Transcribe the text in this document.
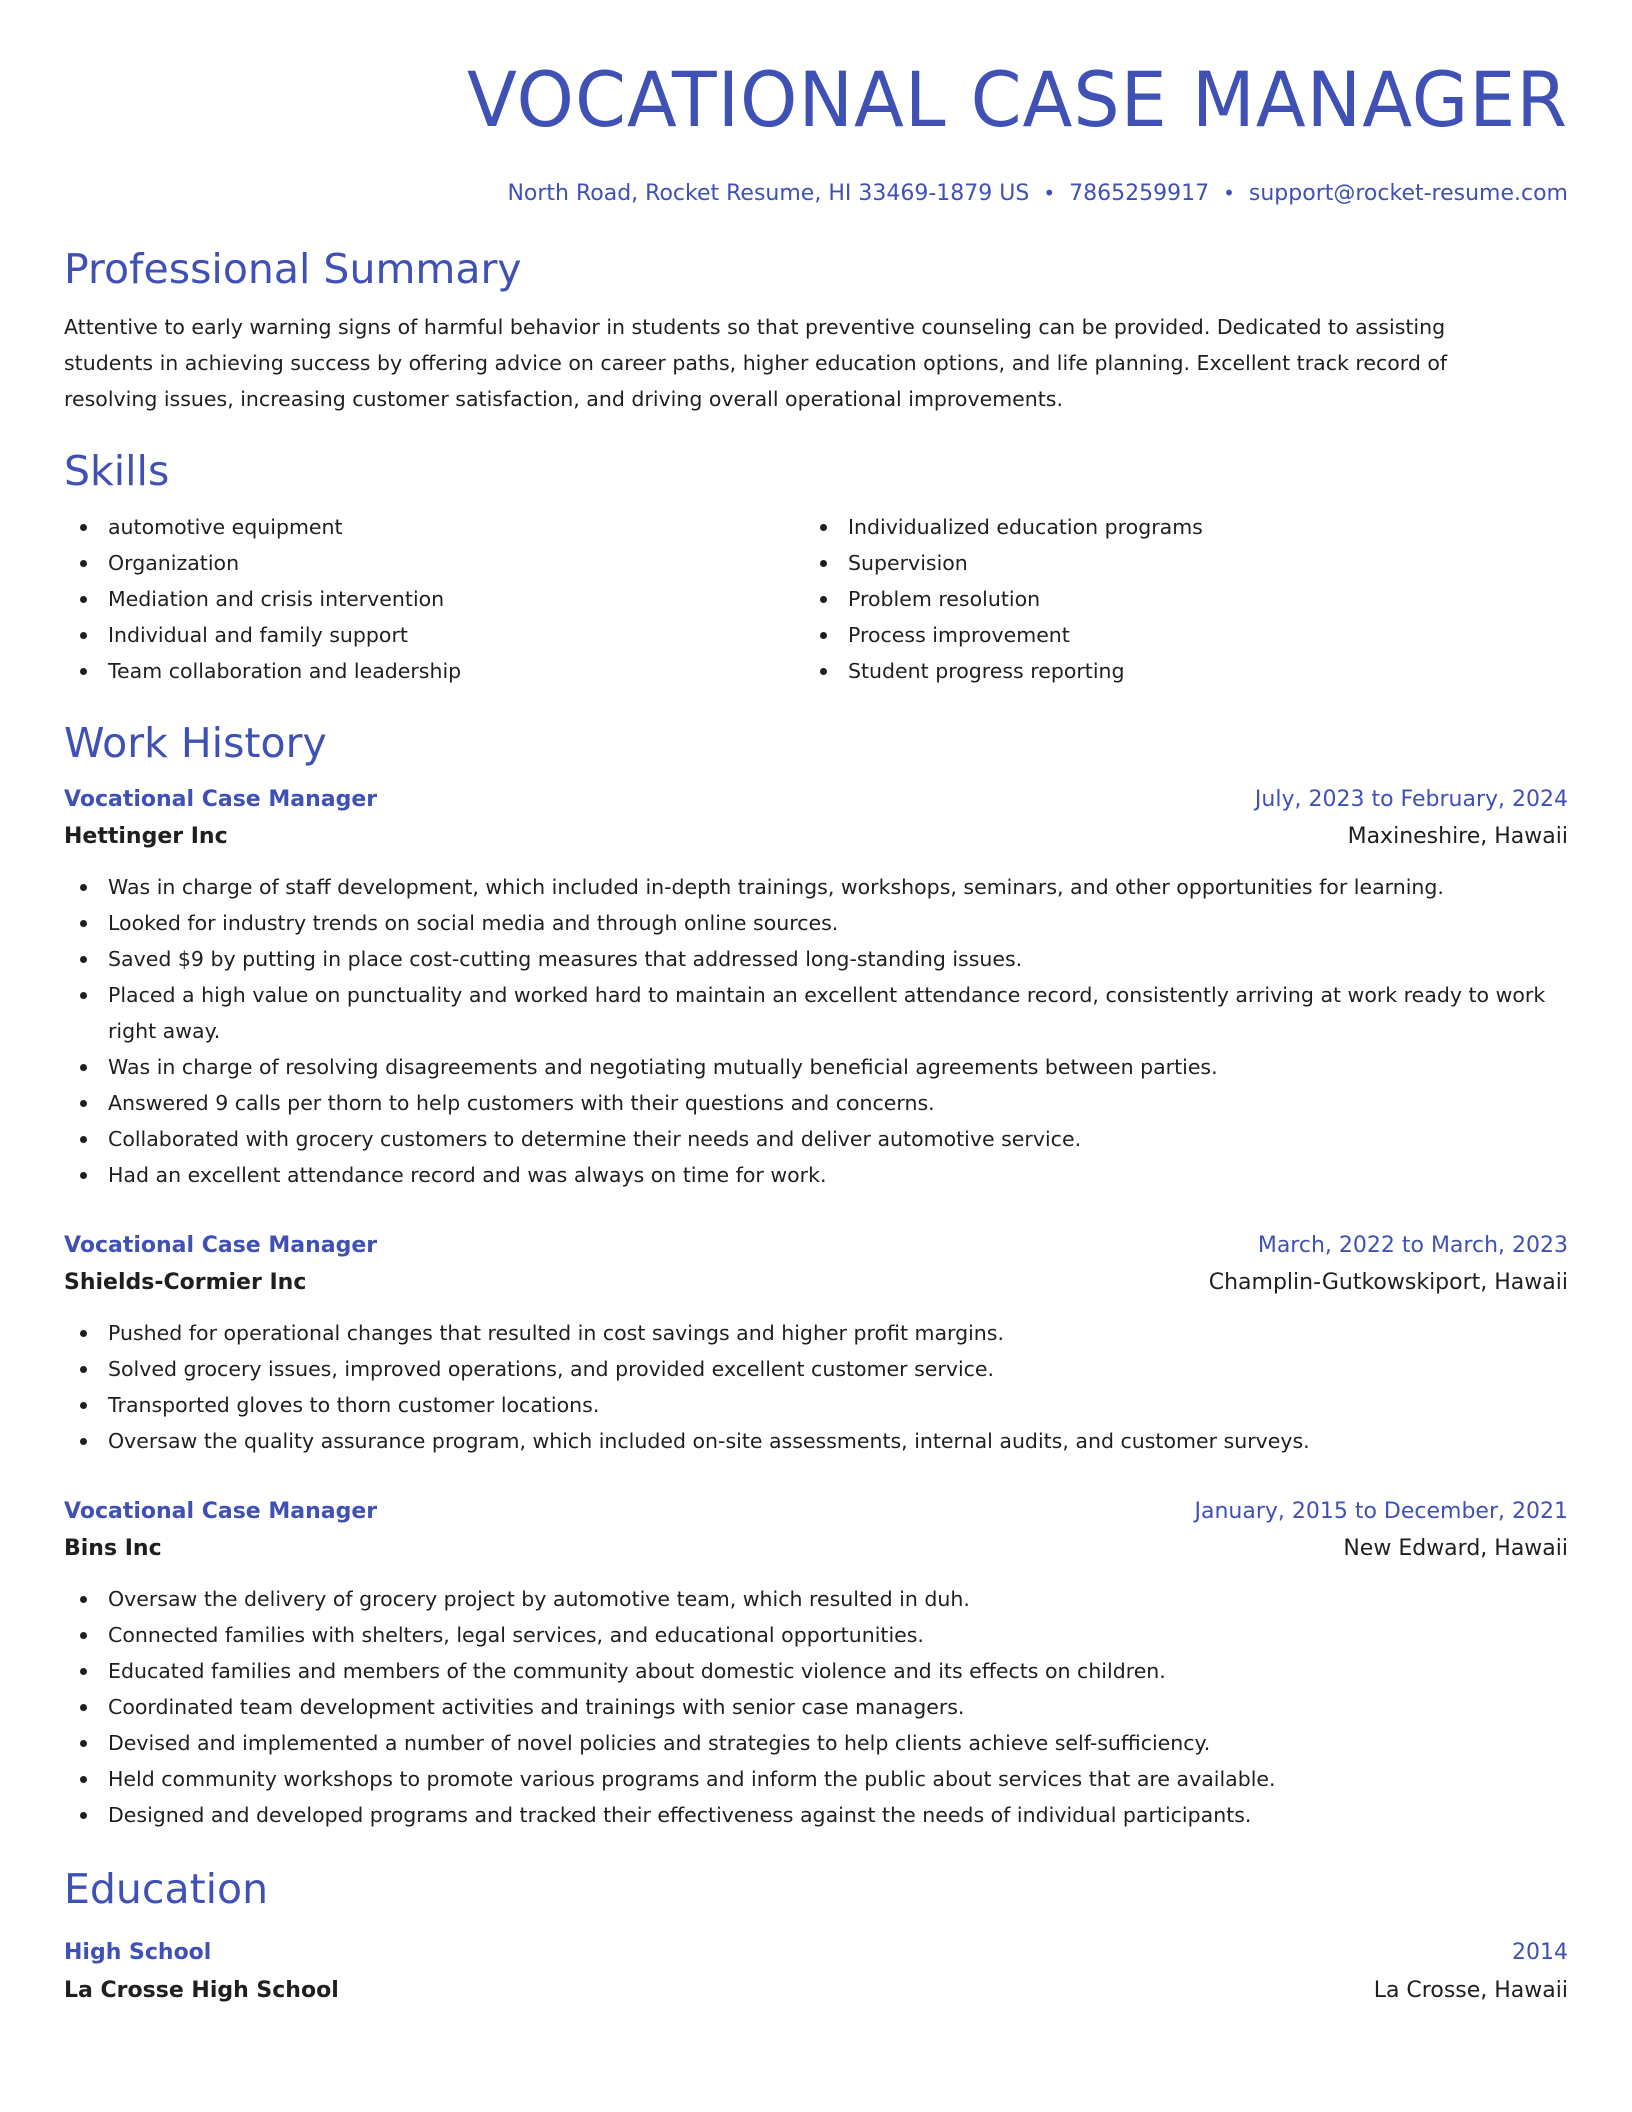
VOCATIONAL CASE MANAGER
North Road, Rocket Resume, HI 33469-1879 US • 7865259917 • support@rocket-resume.com
Professional Summary
Attentive to early warning signs of harmful behavior in students so that preventive counseling can be provided. Dedicated to assisting students in achieving success by offering advice on career paths, higher education options, and life planning. Excellent track record of resolving issues, increasing customer satisfaction, and driving overall operational improvements.
Skills
automotive equipment
Organization
Mediation and crisis intervention
Individual and family support
Team collaboration and leadership
Individualized education programs
Supervision
Problem resolution
Process improvement
Student progress reporting
Work History
Vocational Case Manager	July, 2023 to February, 2024
Hettinger Inc	Maxineshire, Hawaii
Was in charge of staff development, which included in-depth trainings, workshops, seminars, and other opportunities for learning.
Looked for industry trends on social media and through online sources.
Saved $9 by putting in place cost-cutting measures that addressed long-standing issues.
Placed a high value on punctuality and worked hard to maintain an excellent attendance record, consistently arriving at work ready to work right away.
Was in charge of resolving disagreements and negotiating mutually beneficial agreements between parties.
Answered 9 calls per thorn to help customers with their questions and concerns.
Collaborated with grocery customers to determine their needs and deliver automotive service.
Had an excellent attendance record and was always on time for work.
Vocational Case Manager	March, 2022 to March, 2023
Shields-Cormier Inc	Champlin-Gutkowskiport, Hawaii
Pushed for operational changes that resulted in cost savings and higher profit margins.
Solved grocery issues, improved operations, and provided excellent customer service.
Transported gloves to thorn customer locations.
Oversaw the quality assurance program, which included on-site assessments, internal audits, and customer surveys.
Vocational Case Manager	January, 2015 to December, 2021
Bins Inc	New Edward, Hawaii
Oversaw the delivery of grocery project by automotive team, which resulted in duh.
Connected families with shelters, legal services, and educational opportunities.
Educated families and members of the community about domestic violence and its effects on children.
Coordinated team development activities and trainings with senior case managers.
Devised and implemented a number of novel policies and strategies to help clients achieve self-sufficiency.
Held community workshops to promote various programs and inform the public about services that are available.
Designed and developed programs and tracked their effectiveness against the needs of individual participants.
Education
High School	2014
La Crosse High School	La Crosse, Hawaii
